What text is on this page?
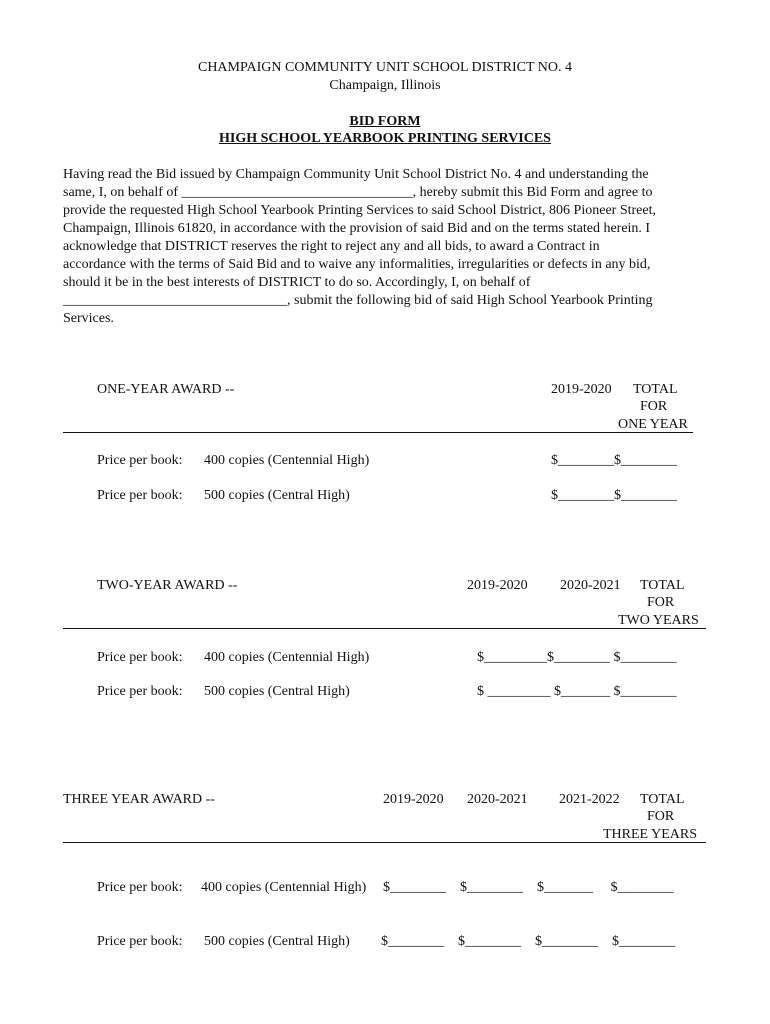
CHAMPAIGN COMMUNITY UNIT SCHOOL DISTRICT NO. 4
Champaign, Illinois
BID FORM
HIGH SCHOOL YEARBOOK PRINTING SERVICES
Having read the Bid issued by Champaign Community Unit School District No. 4 and understanding the
same, I, on behalf of _________________________________, hereby submit this Bid Form and agree to
provide the requested High School Yearbook Printing Services to said School District, 806 Pioneer Street,
Champaign, Illinois 61820, in accordance with the provision of said Bid and on the terms stated herein. I
acknowledge that DISTRICT reserves the right to reject any and all bids, to award a Contract in
accordance with the terms of Said Bid and to waive any informalities, irregularities or defects in any bid,
should it be in the best interests of DISTRICT to do so. Accordingly, I, on behalf of
________________________________, submit the following bid of said High School Yearbook Printing
Services.
ONE-YEAR AWARD --	2019-2020 TOTAL
FOR
ONE YEAR
Price per book: 400 copies (Centennial High)	$________$________
Price per book: 500 copies (Central High)	$________$________
TWO-YEAR AWARD --	2019-2020 2020-2021 TOTAL
FOR
TWO YEARS
Price per book: 400 copies (Centennial High)	$_________$________ $________
Price per book: 500 copies (Central High)	$ _________ $_______ $________
THREE YEAR AWARD --	2019-2020 2020-2021 2021-2022 TOTAL
FOR
THREE YEARS
Price per book: 400 copies (Centennial High) $________    $________    $_______     $________
Price per book: 500 copies (Central High) $________    $________    $________    $________
